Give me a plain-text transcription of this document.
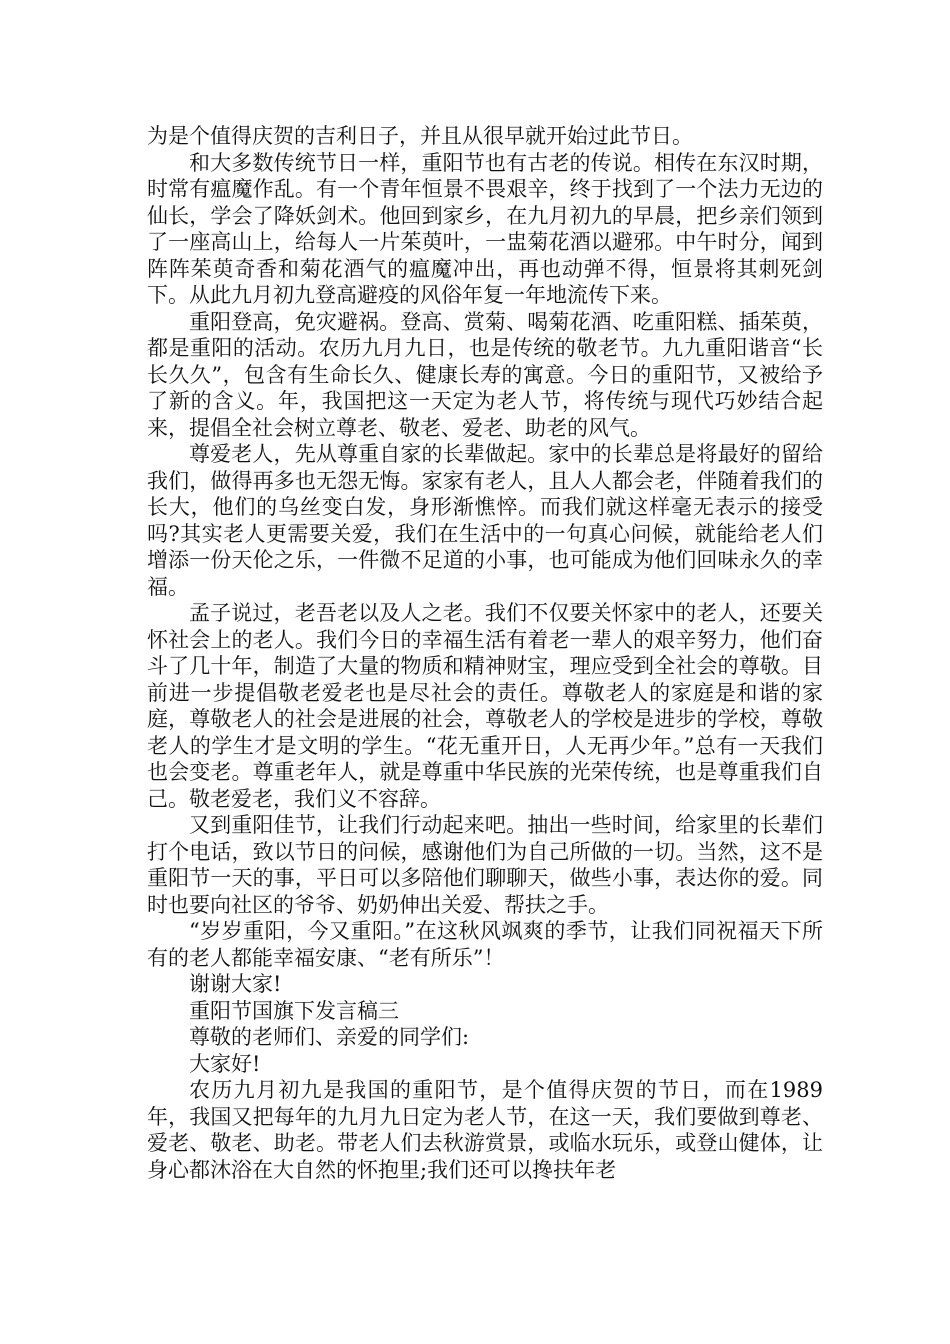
为是个值得庆贺的吉利日子，并且从很早就开始过此节日。

和大多数传统节日一样，重阳节也有古老的传说。相传在东汉时期，时常有瘟魔作乱。有一个青年恒景不畏艰辛，终于找到了一个法力无边的仙长，学会了降妖剑术。他回到家乡，在九月初九的早晨，把乡亲们领到了一座高山上，给每人一片茱萸叶，一盅菊花酒以避邪。中午时分，闻到阵阵茱萸奇香和菊花酒气的瘟魔冲出，再也动弹不得，恒景将其刺死剑下。从此九月初九登高避疫的风俗年复一年地流传下来。

重阳登高，免灾避祸。登高、赏菊、喝菊花酒、吃重阳糕、插茱萸，都是重阳的活动。农历九月九日，也是传统的敬老节。九九重阳谐音“长长久久”，包含有生命长久、健康长寿的寓意。今日的重阳节，又被给予了新的含义。年，我国把这一天定为老人节，将传统与现代巧妙结合起来，提倡全社会树立尊老、敬老、爱老、助老的风气。

尊爱老人，先从尊重自家的长辈做起。家中的长辈总是将最好的留给我们，做得再多也无怨无悔。家家有老人，且人人都会老，伴随着我们的长大，他们的乌丝变白发，身形渐憔悴。而我们就这样毫无表示的接受吗?其实老人更需要关爱，我们在生活中的一句真心问候，就能给老人们增添一份天伦之乐，一件微不足道的小事，也可能成为他们回味永久的幸福。

孟子说过，老吾老以及人之老。我们不仅要关怀家中的老人，还要关怀社会上的老人。我们今日的幸福生活有着老一辈人的艰辛努力，他们奋斗了几十年，制造了大量的物质和精神财宝，理应受到全社会的尊敬。目前进一步提倡敬老爱老也是尽社会的责任。尊敬老人的家庭是和谐的家庭，尊敬老人的社会是进展的社会，尊敬老人的学校是进步的学校，尊敬老人的学生才是文明的学生。“花无重开日，人无再少年。”总有一天我们也会变老。尊重老年人，就是尊重中华民族的光荣传统，也是尊重我们自己。敬老爱老，我们义不容辞。

又到重阳佳节，让我们行动起来吧。抽出一些时间，给家里的长辈们打个电话，致以节日的问候，感谢他们为自己所做的一切。当然，这不是重阳节一天的事，平日可以多陪他们聊聊天，做些小事，表达你的爱。同时也要向社区的爷爷、奶奶伸出关爱、帮扶之手。

“岁岁重阳，今又重阳。”在这秋风飒爽的季节，让我们同祝福天下所有的老人都能幸福安康、“老有所乐”！

谢谢大家!

重阳节国旗下发言稿三

尊敬的老师们、亲爱的同学们:

大家好!

农历九月初九是我国的重阳节，是个值得庆贺的节日，而在1989年，我国又把每年的九月九日定为老人节，在这一天，我们要做到尊老、爱老、敬老、助老。带老人们去秋游赏景，或临水玩乐，或登山健体，让身心都沐浴在大自然的怀抱里;我们还可以搀扶年老
